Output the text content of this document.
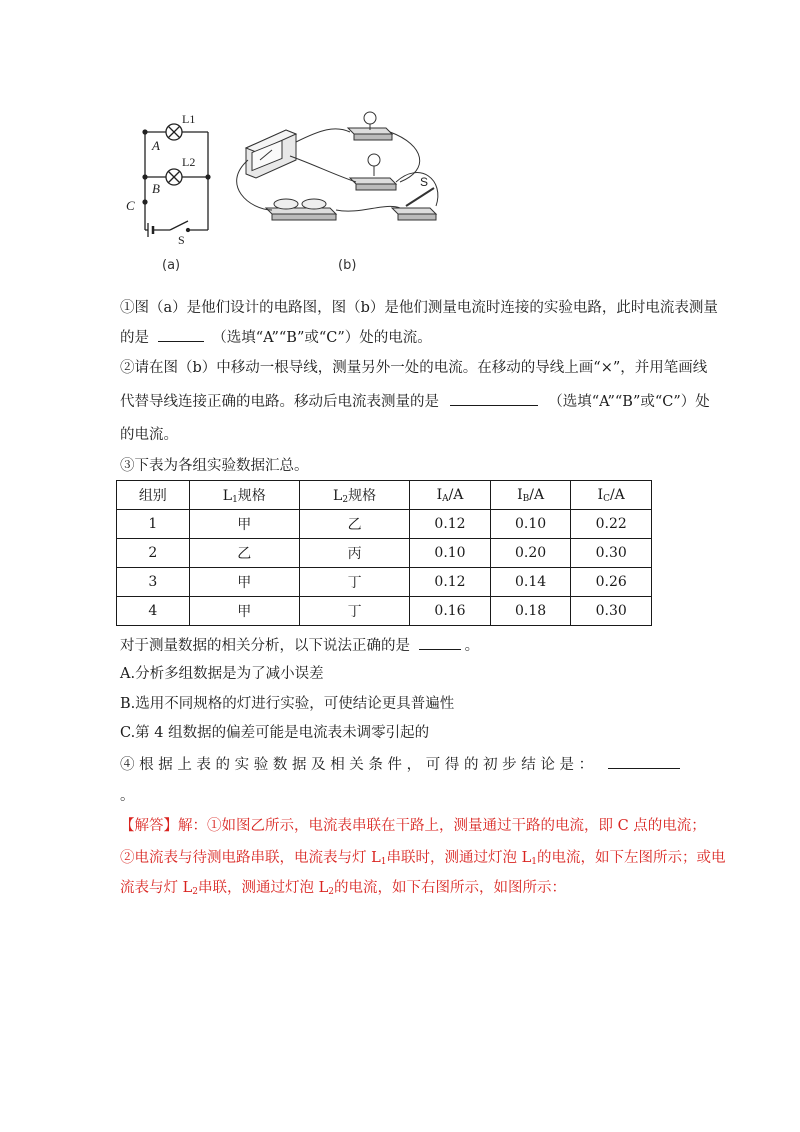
A
B
C
L1
L2
S
S
(a)	(b)

①图（a）是他们设计的电路图，图（b）是他们测量电流时连接的实验电路，此时电流表测量

的是	（选填“A”“B”或“C”）处的电流。

②请在图（b）中移动一根导线，测量另外一处的电流。在移动的导线上画“×”，并用笔画线

代替导线连接正确的电路。移动后电流表测量的是	（选填“A”“B”或“C”）处

的电流。

③下表为各组实验数据汇总。

组别	$L_1$规格	$L_2$规格	$I_A/A$	$I_B/A$	$I_C/A$
1	甲	乙	0.12	0.10	0.22
2	乙	丙	0.10	0.20	0.30
3	甲	丁	0.12	0.14	0.26
4	甲	丁	0.16	0.18	0.30

对于测量数据的相关分析，以下说法正确的是	。

A.分析多组数据是为了减小误差

B.选用不同规格的灯进行实验，可使结论更具普遍性

C.第 4 组数据的偏差可能是电流表未调零引起的

④ 根 据 上 表 的 实 验 数 据 及 相 关 条 件 ， 可 得 的 初 步 结 论 是 ：

。

【解答】解：①如图乙所示，电流表串联在干路上，测量通过干路的电流，即 C 点的电流；

②电流表与待测电路串联，电流表与灯 $L_1$串联时，测通过灯泡 $L_1$的电流，如下左图所示；或电

流表与灯 $L_2$串联，测通过灯泡 $L_2$的电流，如下右图所示，如图所示：
